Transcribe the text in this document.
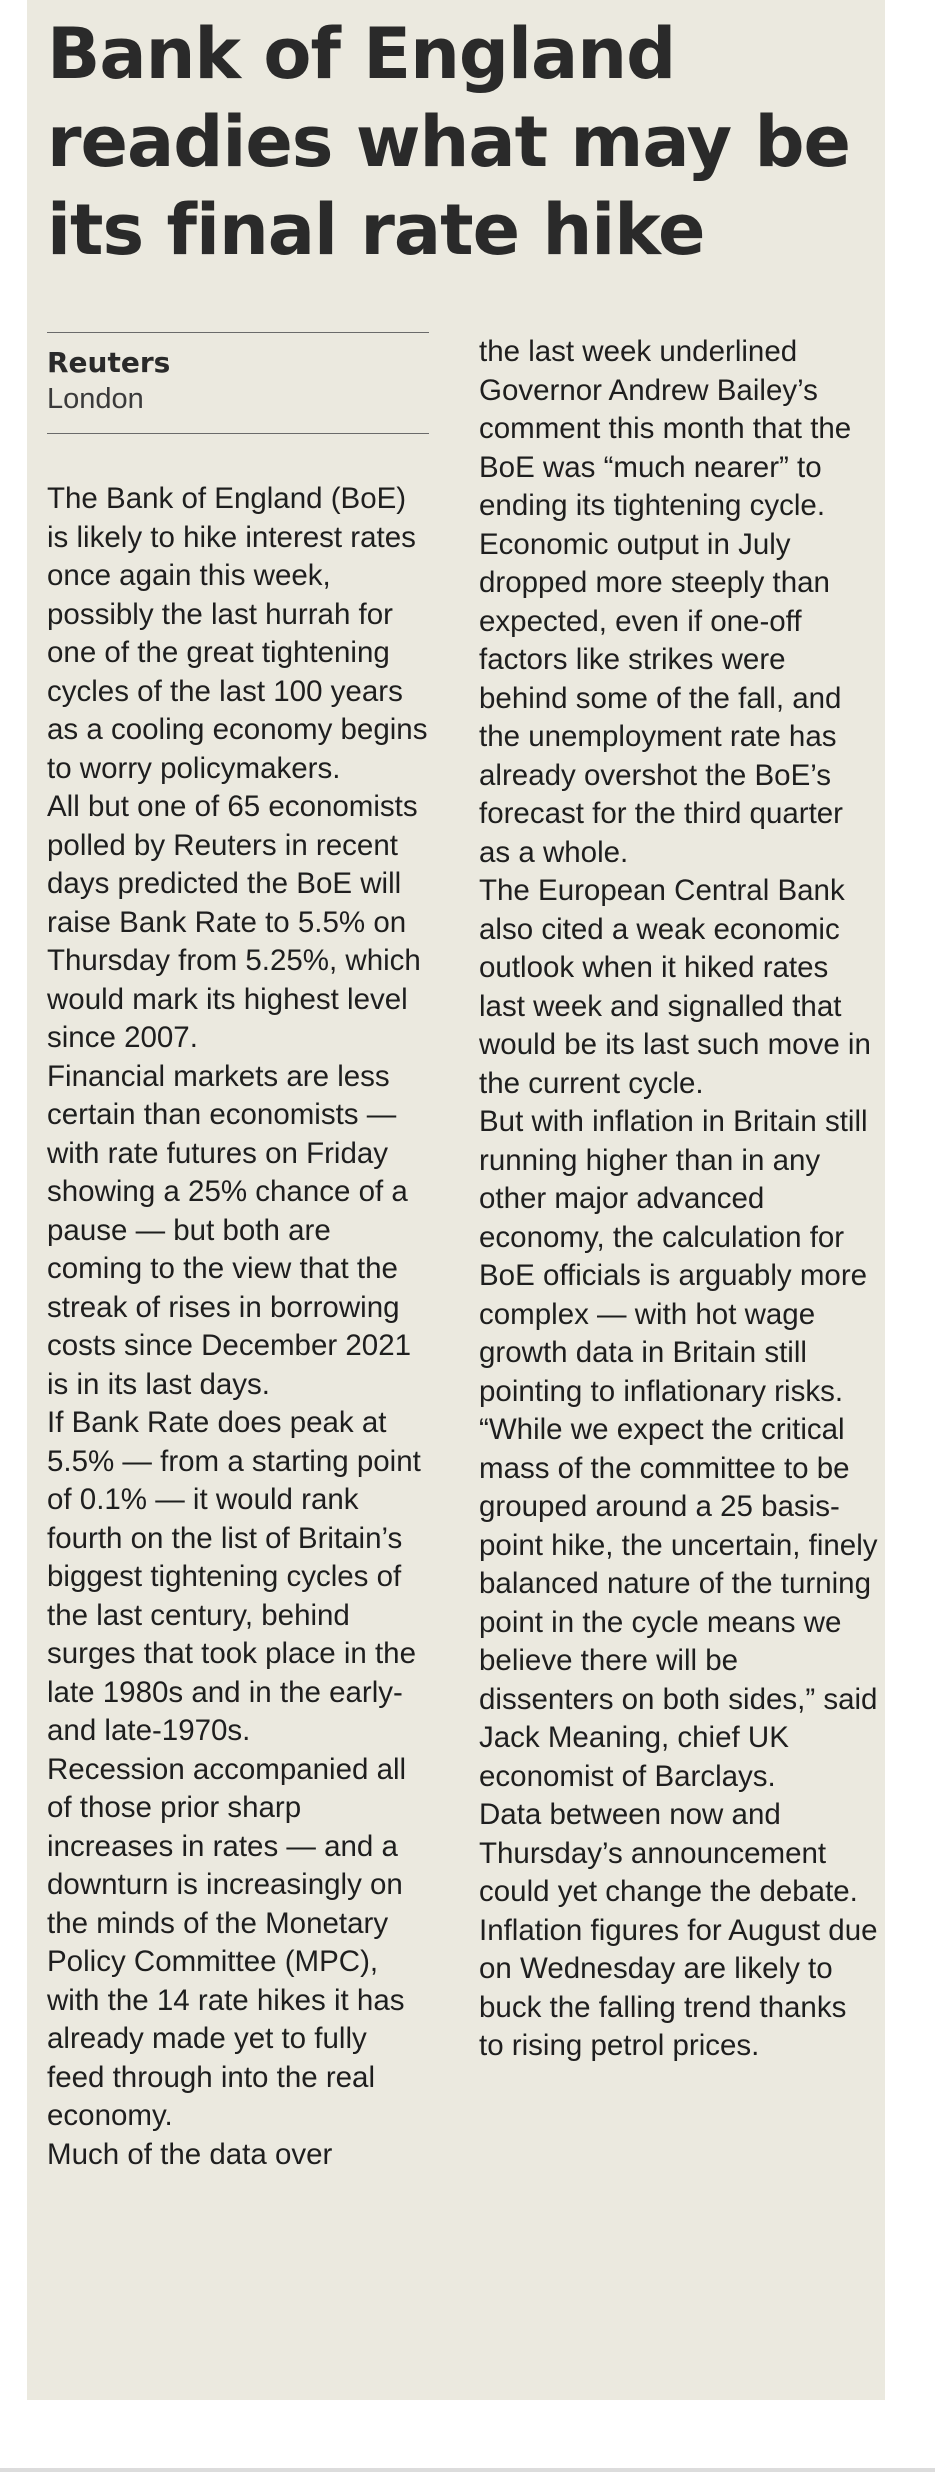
Bank of England readies what may be its final rate hike
Reuters
London

The Bank of England (BoE) is likely to hike interest rates once again this week, possibly the last hurrah for one of the great tightening cycles of the last 100 years as a cooling economy begins to worry policymakers.

All but one of 65 economists polled by Reuters in recent days predicted the BoE will raise Bank Rate to 5.5% on Thursday from 5.25%, which would mark its highest level since 2007.

Financial markets are less certain than economists — with rate futures on Friday showing a 25% chance of a pause — but both are coming to the view that the streak of rises in borrowing costs since December 2021 is in its last days.

If Bank Rate does peak at 5.5% — from a starting point of 0.1% — it would rank fourth on the list of Britain’s biggest tightening cycles of the last century, behind surges that took place in the late 1980s and in the early- and late-1970s.

Recession accompanied all of those prior sharp increases in rates — and a downturn is increasingly on the minds of the Monetary Policy Committee (MPC), with the 14 rate hikes it has already made yet to fully feed through into the real economy.

Much of the data over

the last week underlined Governor Andrew Bailey’s comment this month that the BoE was “much nearer” to ending its tightening cycle.

Economic output in July dropped more steeply than expected, even if one-off factors like strikes were behind some of the fall, and the unemployment rate has already overshot the BoE’s forecast for the third quarter as a whole.

The European Central Bank also cited a weak economic outlook when it hiked rates last week and signalled that would be its last such move in the current cycle.

But with inflation in Britain still running higher than in any other major advanced economy, the calculation for BoE officials is arguably more complex — with hot wage growth data in Britain still pointing to inflationary risks. “While we expect the critical mass of the committee to be grouped around a 25 basis-point hike, the uncertain, finely balanced nature of the turning point in the cycle means we believe there will be dissenters on both sides,” said Jack Meaning, chief UK economist of Barclays.

Data between now and Thursday’s announcement could yet change the debate.

Inflation figures for August due on Wednesday are likely to buck the falling trend thanks to rising petrol prices.
